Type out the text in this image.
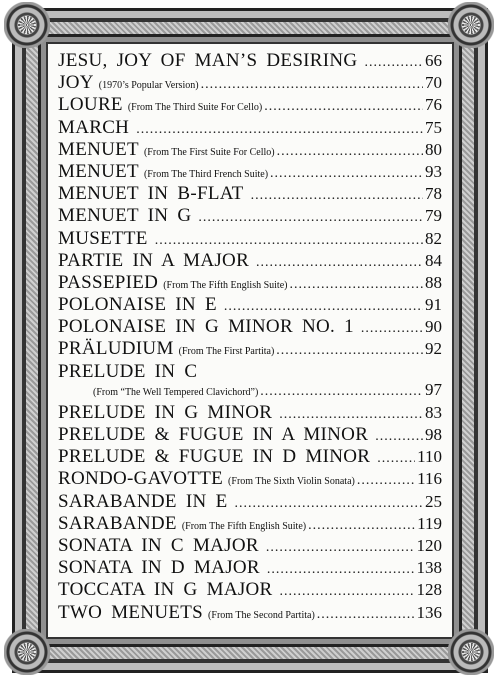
JESU, JOY OF MAN’S DESIRING .....	66
JOY (1970’s Popular Version) .....	70
LOURE (From The Third Suite For Cello) .....	76
MARCH .....	75
MENUET (From The First Suite For Cello) .....	80
MENUET (From The Third French Suite) .....	93
MENUET IN B-FLAT .....	78
MENUET IN G .....	79
MUSETTE .....	82
PARTIE IN A MAJOR .....	84
PASSEPIED (From The Fifth English Suite) .....	88
POLONAISE IN E .....	91
POLONAISE IN G MINOR NO. 1 .....	90
PRÄLUDIUM (From The First Partita) .....	92
PRELUDE IN C
(From “The Well Tempered Clavichord”) .....	97
PRELUDE IN G MINOR .....	83
PRELUDE & FUGUE IN A MINOR .....	98
PRELUDE & FUGUE IN D MINOR .....	110
RONDO-GAVOTTE (From The Sixth Violin Sonata) .....	116
SARABANDE IN E .....	25
SARABANDE (From The Fifth English Suite) .....	119
SONATA IN C MAJOR .....	120
SONATA IN D MAJOR .....	138
TOCCATA IN G MAJOR .....	128
TWO MENUETS (From The Second Partita) .....	136
